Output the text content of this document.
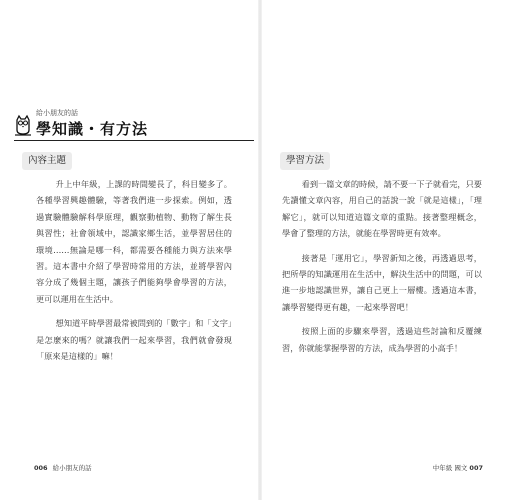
給小朋友的話
學知識・有方法
內容主題

升上中年級，上課的時間變長了，科目變多了。各種學習興趣體驗，等著我們進一步探索。例如，透過實驗體驗解科學原理，觀察動植物、動物了解生長與習性；社會領域中，認識家鄉生活，並學習居住的環境……無論是哪一科，都需要各種能力與方法來學習。這本書中介紹了學習時常用的方法，並將學習內容分成了幾個主題，讓孩子們能夠學會學習的方法，更可以運用在生活中。

想知道平時學習最常被問到的「數字」和「文字」是怎麼來的嗎？就讓我們一起來學習，我們就會發現「原來是這樣的」嘛！

006 給小朋友的話
學習方法

看到一篇文章的時候，請不要一下子就看完，只要先讀懂文章內容，用自己的話說一說「就是這樣」，「理解它」，就可以知道這篇文章的重點。接著整理概念，學會了整理的方法，就能在學習時更有效率。

接著是「運用它」，學習新知之後，再透過思考，把所學的知識運用在生活中，解決生活中的問題，可以進一步地認識世界，讓自己更上一層樓。透過這本書，讓學習變得更有趣，一起來學習吧！

按照上面的步驟來學習，透過這些討論和反覆練習，你就能掌握學習的方法，成為學習的小高手！

中年級 國文 007
